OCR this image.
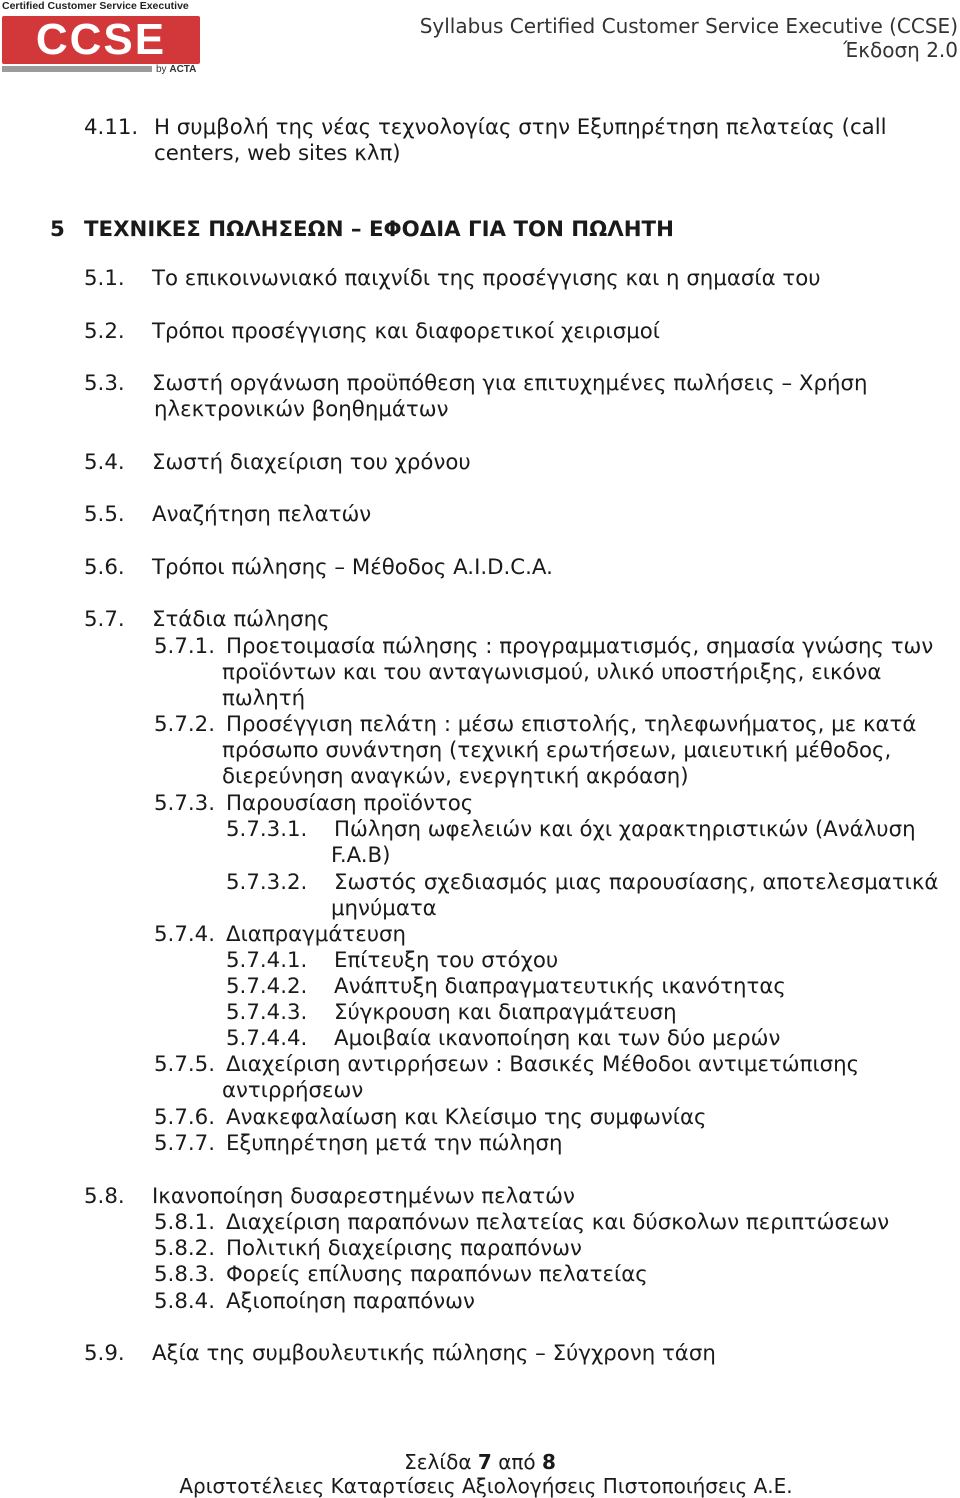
Certified Customer Service Executive
CCSE
by ACTA
Syllabus Certified Customer Service Executive (CCSE)
Έκδοση 2.0
4.11. Η συμβολή της νέας τεχνολογίας στην Εξυπηρέτηση πελατείας (call
centers, web sites κλπ)
5 ΤΕΧΝΙΚΕΣ ΠΩΛΗΣΕΩΝ – ΕΦΟΔΙΑ ΓΙΑ ΤΟΝ ΠΩΛΗΤΗ
5.1. Το επικοινωνιακό παιχνίδι της προσέγγισης και η σημασία του
5.2. Τρόποι προσέγγισης και διαφορετικοί χειρισμοί
5.3. Σωστή οργάνωση προϋπόθεση για επιτυχημένες πωλήσεις – Χρήση
ηλεκτρονικών βοηθημάτων
5.4. Σωστή διαχείριση του χρόνου
5.5. Αναζήτηση πελατών
5.6. Τρόποι πώλησης – Μέθοδος A.I.D.C.A.
5.7. Στάδια πώλησης
5.7.1. Προετοιμασία πώλησης : προγραμματισμός, σημασία γνώσης των
προϊόντων και του ανταγωνισμού, υλικό υποστήριξης, εικόνα
πωλητή
5.7.2. Προσέγγιση πελάτη : μέσω επιστολής, τηλεφωνήματος, με κατά
πρόσωπο συνάντηση (τεχνική ερωτήσεων, μαιευτική μέθοδος,
διερεύνηση αναγκών, ενεργητική ακρόαση)
5.7.3. Παρουσίαση προϊόντος
5.7.3.1. Πώληση ωφελειών και όχι χαρακτηριστικών (Ανάλυση
F.A.B)
5.7.3.2. Σωστός σχεδιασμός μιας παρουσίασης, αποτελεσματικά
μηνύματα
5.7.4. Διαπραγμάτευση
5.7.4.1. Επίτευξη του στόχου
5.7.4.2. Ανάπτυξη διαπραγματευτικής ικανότητας
5.7.4.3. Σύγκρουση και διαπραγμάτευση
5.7.4.4. Αμοιβαία ικανοποίηση και των δύο μερών
5.7.5. Διαχείριση αντιρρήσεων : Βασικές Μέθοδοι αντιμετώπισης
αντιρρήσεων
5.7.6. Ανακεφαλαίωση και Κλείσιμο της συμφωνίας
5.7.7. Εξυπηρέτηση μετά την πώληση
5.8. Ικανοποίηση δυσαρεστημένων πελατών
5.8.1. Διαχείριση παραπόνων πελατείας και δύσκολων περιπτώσεων
5.8.2. Πολιτική διαχείρισης παραπόνων
5.8.3. Φορείς επίλυσης παραπόνων πελατείας
5.8.4. Αξιοποίηση παραπόνων
5.9. Αξία της συμβουλευτικής πώλησης – Σύγχρονη τάση
Σελίδα 7 από 8
Αριστοτέλειες Καταρτίσεις Αξιολογήσεις Πιστοποιήσεις Α.Ε.
